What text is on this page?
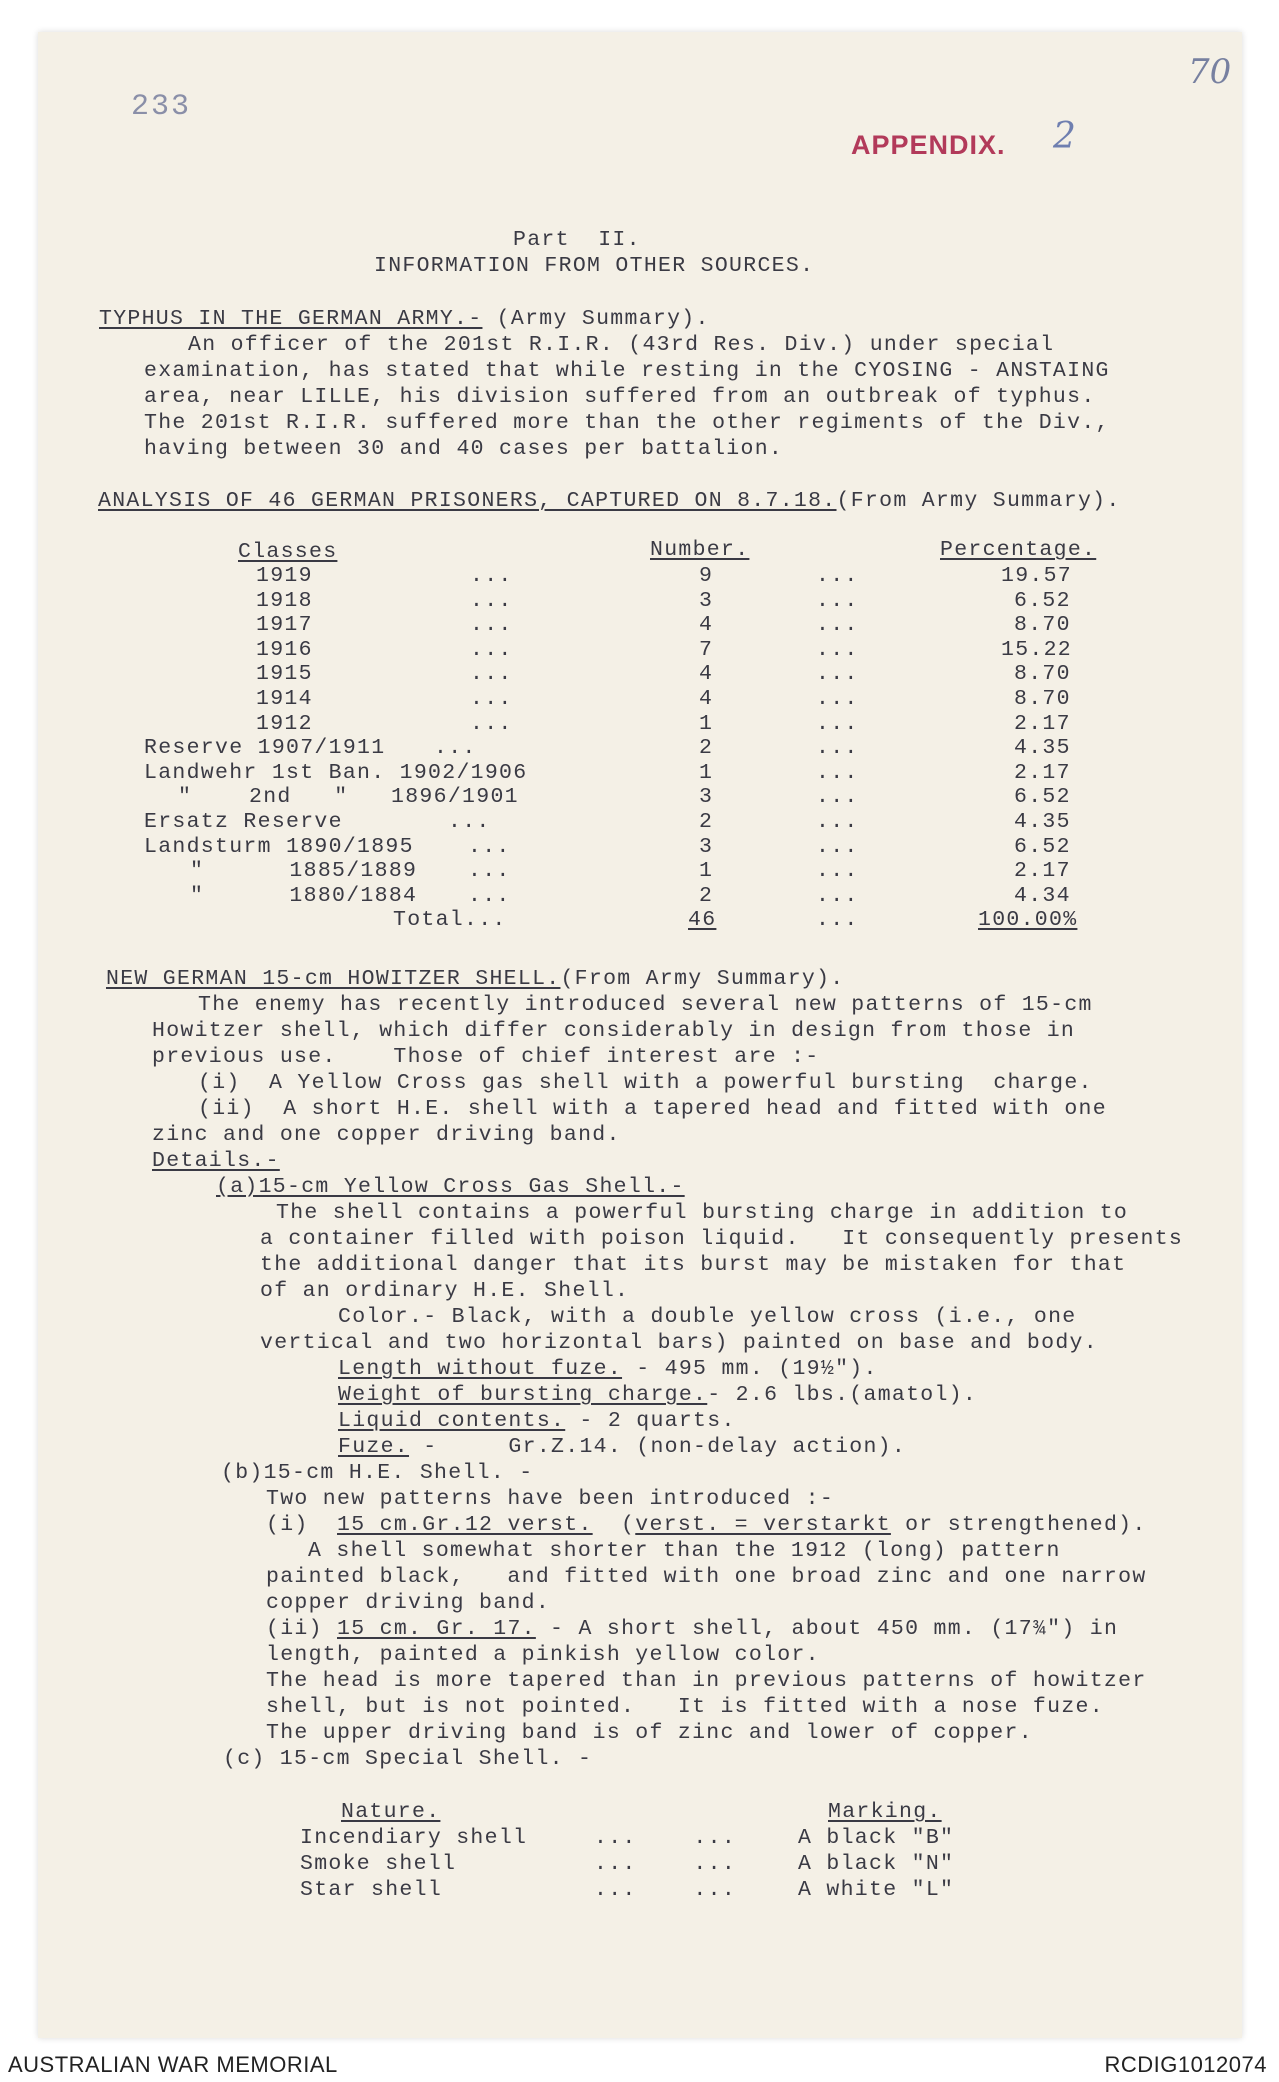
70
233
APPENDIX. 2
Part  II.
INFORMATION FROM OTHER SOURCES.
TYPHUS IN THE GERMAN ARMY.- (Army Summary).
An officer of the 201st R.I.R. (43rd Res. Div.) under special
examination, has stated that while resting in the CYOSING - ANSTAING
area, near LILLE, his division suffered from an outbreak of typhus.
The 201st R.I.R. suffered more than the other regiments of the Div.,
having between 30 and 40 cases per battalion.
ANALYSIS OF 46 GERMAN PRISONERS, CAPTURED ON 8.7.18.(From Army Summary).
Classes	Number.	Percentage.
1919	...	9	...	19.57
1918	...	3	...	6.52
1917	...	4	...	8.70
1916	...	7	...	15.22
1915	...	4	...	8.70
1914	...	4	...	8.70
1912	...	1	...	2.17
Reserve 1907/1911 ...	2	...	4.35
Landwehr 1st Ban. 1902/1906	1	...	2.17
"    2nd   "   1896/1901	3	...	6.52
Ersatz Reserve	...	2	...	4.35
Landsturm 1890/1895	...	3	...	6.52
"      1885/1889 ...	1	...	2.17
"      1880/1884 ...	2	...	4.34
Total...	46	...	100.00%
NEW GERMAN 15-cm HOWITZER SHELL.(From Army Summary).
The enemy has recently introduced several new patterns of 15-cm
Howitzer shell, which differ considerably in design from those in
previous use.    Those of chief interest are :-
(i)  A Yellow Cross gas shell with a powerful bursting  charge.
(ii)  A short H.E. shell with a tapered head and fitted with one
zinc and one copper driving band.
Details.-
(a)15-cm Yellow Cross Gas Shell.-
The shell contains a powerful bursting charge in addition to
a container filled with poison liquid.   It consequently presents
the additional danger that its burst may be mistaken for that
of an ordinary H.E. Shell.
Color.- Black, with a double yellow cross (i.e., one
vertical and two horizontal bars) painted on base and body.
Length without fuze. - 495 mm. (19½").
Weight of bursting charge.- 2.6 lbs.(amatol).
Liquid contents. - 2 quarts.
Fuze. -     Gr.Z.14. (non-delay action).
(b)15-cm H.E. Shell. -
Two new patterns have been introduced :-
(i)  15 cm.Gr.12 verst.  (verst. = verstarkt or strengthened).
A shell somewhat shorter than the 1912 (long) pattern
painted black,   and fitted with one broad zinc and one narrow
copper driving band.
(ii) 15 cm. Gr. 17. - A short shell, about 450 mm. (17¾") in
length, painted a pinkish yellow color.
The head is more tapered than in previous patterns of howitzer
shell, but is not pointed.   It is fitted with a nose fuze.
The upper driving band is of zinc and lower of copper.
(c) 15-cm Special Shell. -
Nature.	Marking.
Incendiary shell	...    ...	A black "B"
Smoke shell	...    ...	A black "N"
Star shell	...    ...	A white "L"
AUSTRALIAN WAR MEMORIAL	RCDIG1012074
